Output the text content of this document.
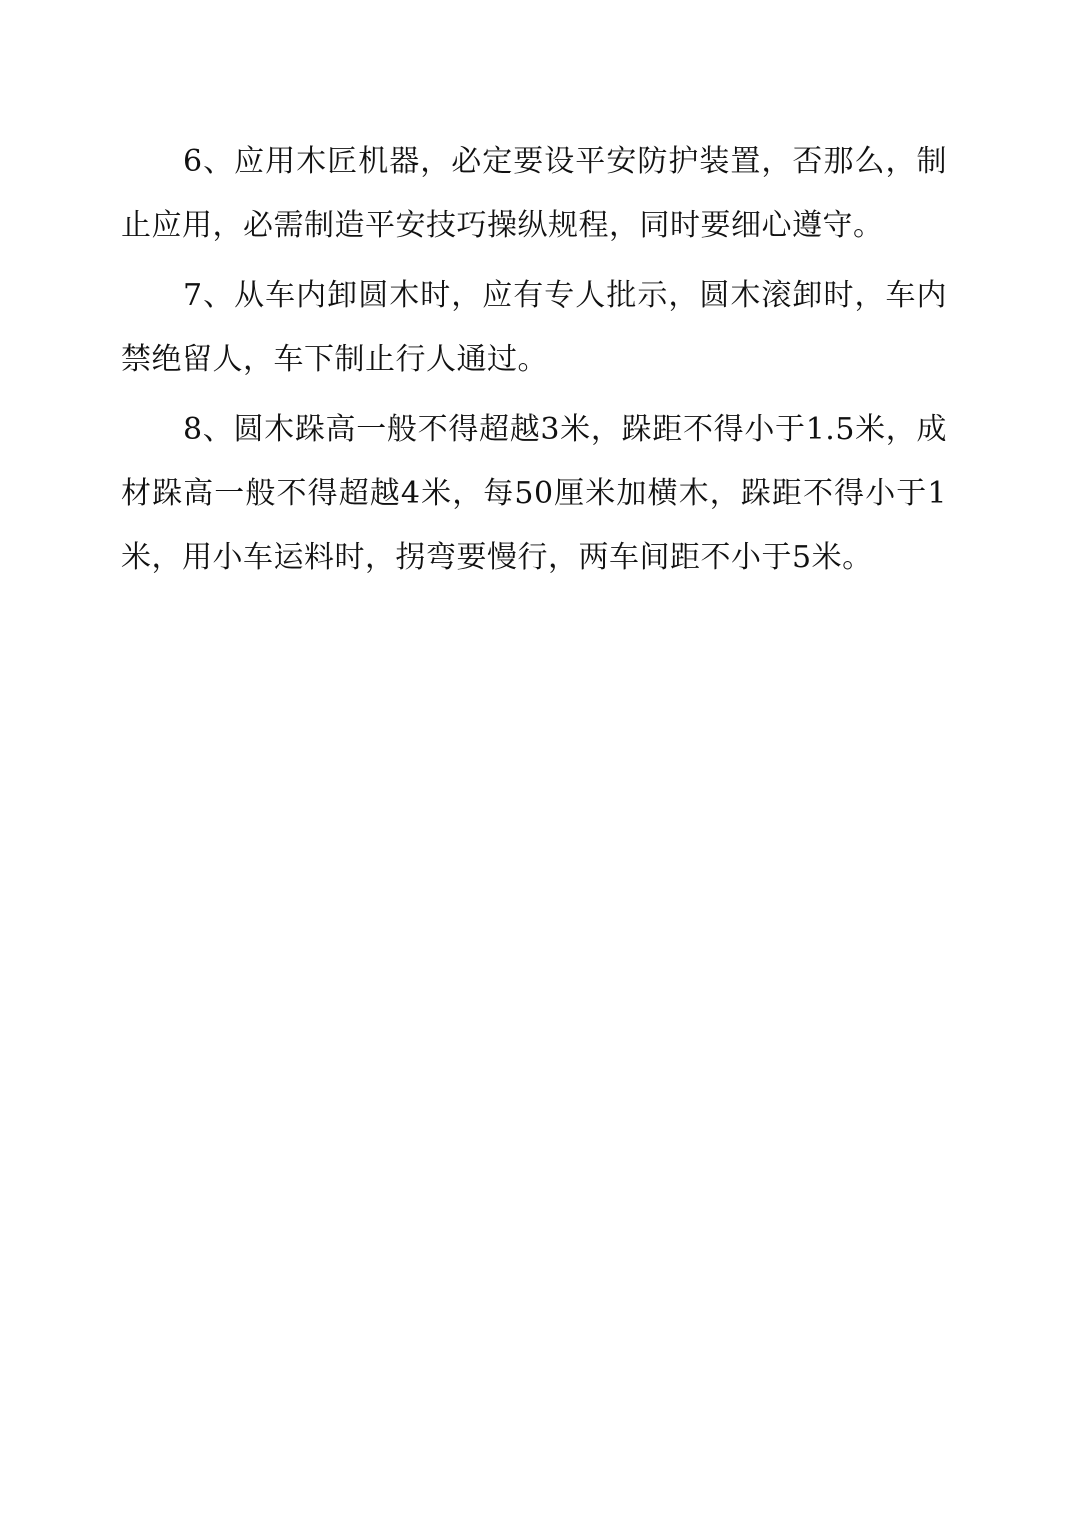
6、应用木匠机器，必定要设平安防护装置，否那么，制止应用，必需制造平安技巧操纵规程，同时要细心遵守。

7、从车内卸圆木时，应有专人批示，圆木滚卸时，车内禁绝留人，车下制止行人通过。

8、圆木跺高一般不得超越3米，跺距不得小于1.5米，成材跺高一般不得超越4米，每50厘米加横木，跺距不得小于1米，用小车运料时，拐弯要慢行，两车间距不小于5米。
